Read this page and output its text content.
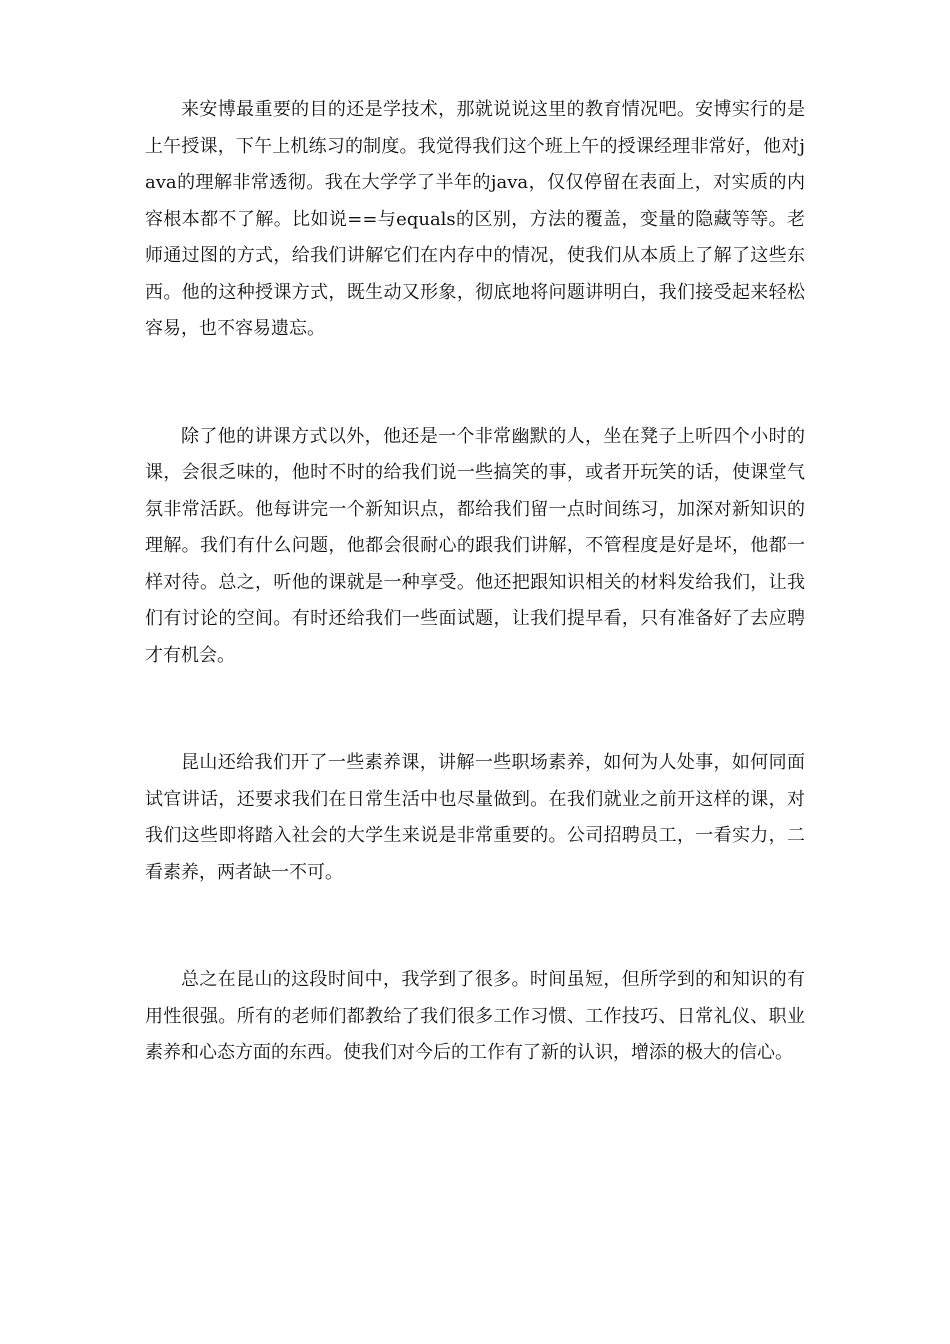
来安博最重要的目的还是学技术，那就说说这里的教育情况吧。安博实行的是上午授课，下午上机练习的制度。我觉得我们这个班上午的授课经理非常好，他对java的理解非常透彻。我在大学学了半年的java，仅仅停留在表面上，对实质的内容根本都不了解。比如说==与equals的区别，方法的覆盖，变量的隐藏等等。老师通过图的方式，给我们讲解它们在内存中的情况，使我们从本质上了解了这些东西。他的这种授课方式，既生动又形象，彻底地将问题讲明白，我们接受起来轻松容易，也不容易遗忘。

除了他的讲课方式以外，他还是一个非常幽默的人，坐在凳子上听四个小时的课，会很乏味的，他时不时的给我们说一些搞笑的事，或者开玩笑的话，使课堂气氛非常活跃。他每讲完一个新知识点，都给我们留一点时间练习，加深对新知识的理解。我们有什么问题，他都会很耐心的跟我们讲解，不管程度是好是坏，他都一样对待。总之，听他的课就是一种享受。他还把跟知识相关的材料发给我们，让我们有讨论的空间。有时还给我们一些面试题，让我们提早看，只有准备好了去应聘才有机会。

昆山还给我们开了一些素养课，讲解一些职场素养，如何为人处事，如何同面试官讲话，还要求我们在日常生活中也尽量做到。在我们就业之前开这样的课，对我们这些即将踏入社会的大学生来说是非常重要的。公司招聘员工，一看实力，二看素养，两者缺一不可。

总之在昆山的这段时间中，我学到了很多。时间虽短，但所学到的和知识的有用性很强。所有的老师们都教给了我们很多工作习惯、工作技巧、日常礼仪、职业素养和心态方面的东西。使我们对今后的工作有了新的认识，增添的极大的信心。
